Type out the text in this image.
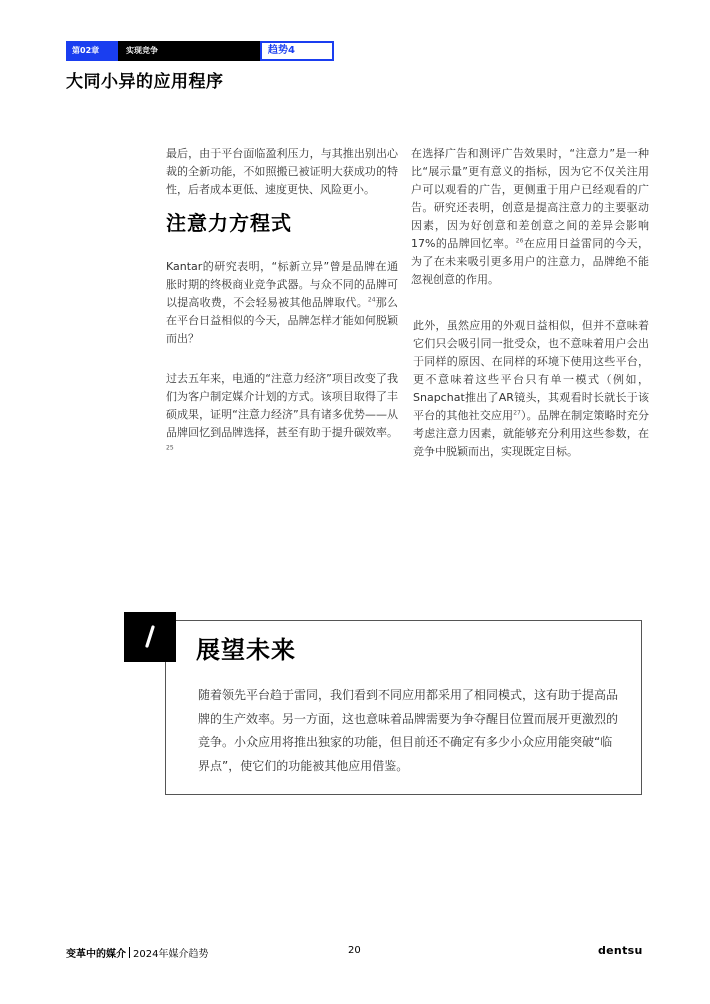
第02章	实现竞争	趋势4
大同小异的应用程序

最后，由于平台面临盈利压力，与其推出别出心裁的全新功能，不如照搬已被证明大获成功的特性，后者成本更低、速度更快、风险更小。

注意力方程式

Kantar的研究表明，“标新立异”曾是品牌在通胀时期的终极商业竞争武器。与众不同的品牌可以提高收费，不会轻易被其他品牌取代。$^{24}$那么在平台日益相似的今天，品牌怎样才能如何脱颖而出？

过去五年来，电通的“注意力经济”项目改变了我们为客户制定媒介计划的方式。该项目取得了丰硕成果，证明“注意力经济”具有诸多优势——从品牌回忆到品牌选择，甚至有助于提升碳效率。$^{25}$

在选择广告和测评广告效果时，“注意力”是一种比“展示量”更有意义的指标，因为它不仅关注用户可以观看的广告，更侧重于用户已经观看的广告。研究还表明，创意是提高注意力的主要驱动因素，因为好创意和差创意之间的差异会影响17%的品牌回忆率。$^{26}$在应用日益雷同的今天，为了在未来吸引更多用户的注意力，品牌绝不能忽视创意的作用。

此外，虽然应用的外观日益相似，但并不意味着它们只会吸引同一批受众，也不意味着用户会出于同样的原因、在同样的环境下使用这些平台，更不意味着这些平台只有单一模式（例如，Snapchat推出了AR镜头，其观看时长就长于该平台的其他社交应用$^{27}$）。品牌在制定策略时充分考虑注意力因素，就能够充分利用这些参数，在竞争中脱颖而出，实现既定目标。

展望未来

随着领先平台趋于雷同，我们看到不同应用都采用了相同模式，这有助于提高品牌的生产效率。另一方面，这也意味着品牌需要为争夺醒目位置而展开更激烈的竞争。小众应用将推出独家的功能，但目前还不确定有多少小众应用能突破“临界点”，使它们的功能被其他应用借鉴。

变革中的媒介 2024年媒介趋势	20	dentsu
